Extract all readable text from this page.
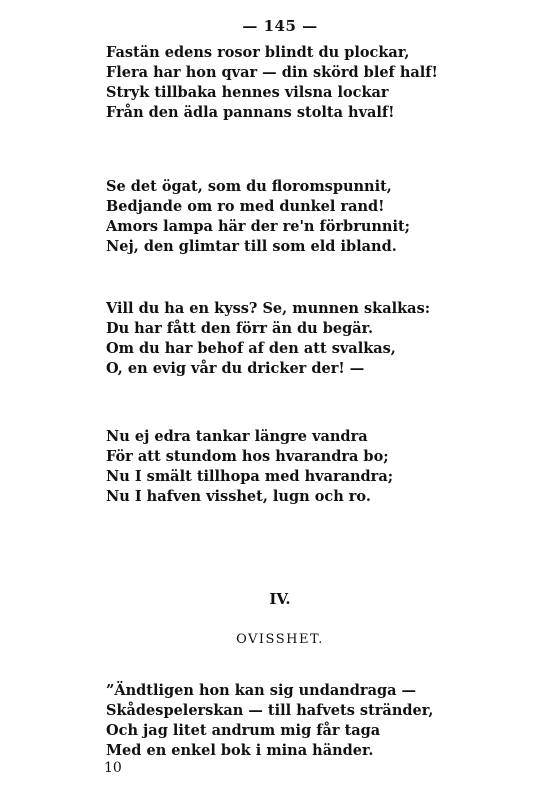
— 145 —
Fastän edens rosor blindt du plockar,
Flera har hon qvar — din skörd blef half!
Stryk tillbaka hennes vilsna lockar
Från den ädla pannans stolta hvalf!
Se det ögat, som du floromspunnit,
Bedjande om ro med dunkel rand!
Amors lampa här der re'n förbrunnit;
Nej, den glimtar till som eld ibland.
Vill du ha en kyss? Se, munnen skalkas:
Du har fått den förr än du begär.
Om du har behof af den att svalkas,
O, en evig vår du dricker der! —
Nu ej edra tankar längre vandra
För att stundom hos hvarandra bo;
Nu I smält tillhopa med hvarandra;
Nu I hafven visshet, lugn och ro.
IV.
OVISSHET.
”Ändtligen hon kan sig undandraga —
Skådespelerskan — till hafvets stränder,
Och jag litet andrum mig får taga
Med en enkel bok i mina händer.
10
